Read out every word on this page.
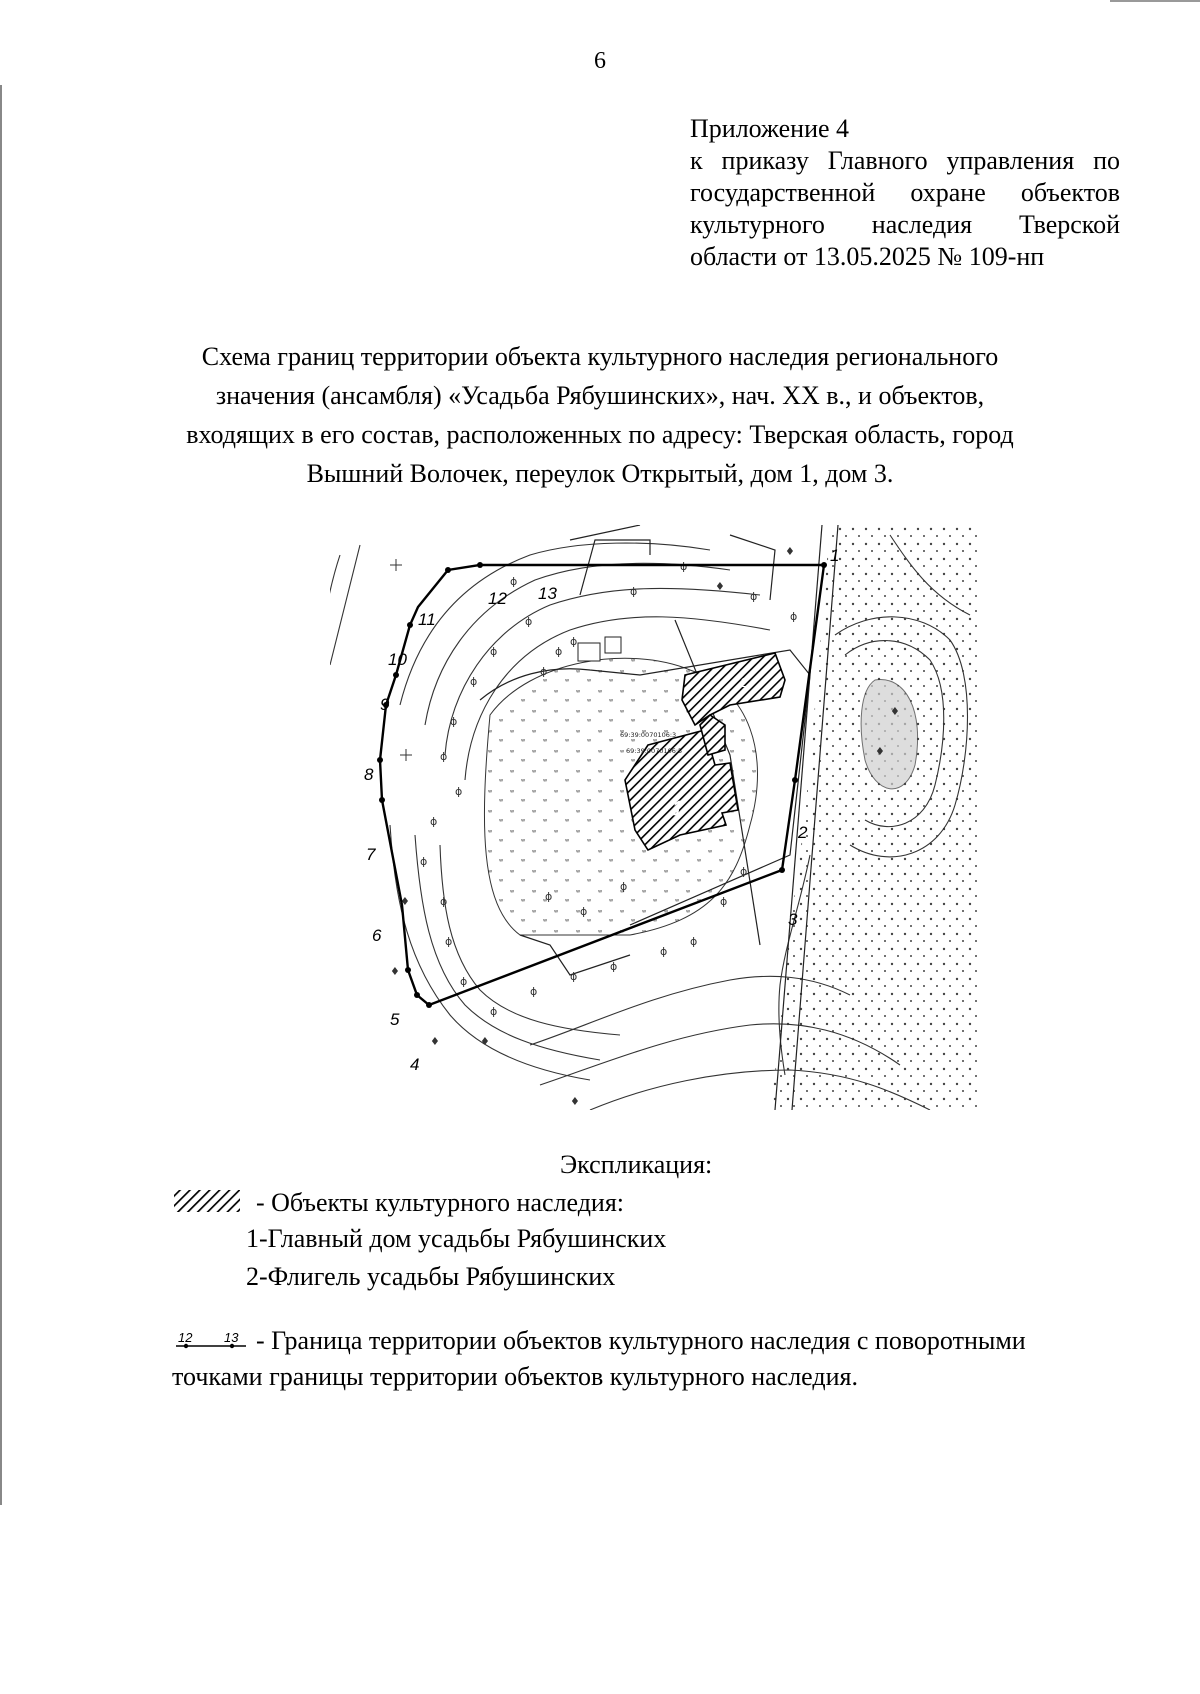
6
Приложение 4
к приказу Главного управления по
государственной охране объектов
культурного наследия Тверской
области от 13.05.2025 № 109-нп
Схема границ территории объекта культурного наследия регионального
значения (ансамбля) «Усадьба Рябушинских», нач. XX в., и объектов,
входящих в его состав, расположенных по адресу: Тверская область, город
Вышний Волочек, переулок Открытый, дом 1, дом 3.
1
2
69:39:0070106:3
69:39:0070106:5
ɸ
ɸ
ɸ
ɸ
ɸ
ɸ
ɸ
ɸ
ɸ
ɸ
ɸ
ɸ
ɸ
ɸ
ɸ
ɸ
ɸ
ɸ
ɸ
ɸ
ɸ
ɸ
ɸ
ɸ
ɸ
ɸ
ɸ
ɸ
ɸ
ɸ
♦	♦
♦
♦
♦
♦
♦
♦
♦
1
2
3
4
5
6
7
8
9
10
11
12 13
Экспликация:
- Объекты культурного наследия:
1-Главный дом усадьбы Рябушинских
2-Флигель усадьбы Рябушинских
12 13 - Граница территории объектов культурного наследия с поворотными
точками границы территории объектов культурного наследия.
